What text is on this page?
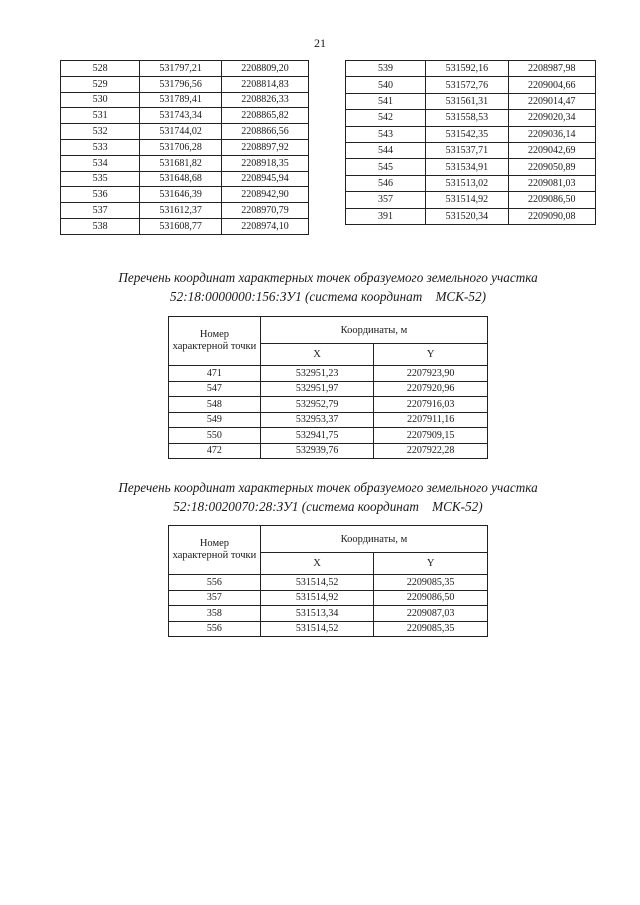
21
528	531797,21	2208809,20
529	531796,56	2208814,83
530	531789,41	2208826,33
531	531743,34	2208865,82
532	531744,02	2208866,56
533	531706,28	2208897,92
534	531681,82	2208918,35
535	531648,68	2208945,94
536	531646,39	2208942,90
537	531612,37	2208970,79
538	531608,77	2208974,10
539	531592,16	2208987,98
540	531572,76	2209004,66
541	531561,31	2209014,47
542	531558,53	2209020,34
543	531542,35	2209036,14
544	531537,71	2209042,69
545	531534,91	2209050,89
546	531513,02	2209081,03
357	531514,92	2209086,50
391	531520,34	2209090,08
Перечень координат характерных точек образуемого земельного участка
52:18:0000000:156:ЗУ1 (система координат    МСК-52)
Номер характерной точки	Координаты, м	
	X	Y
471	532951,23	2207923,90
547	532951,97	2207920,96
548	532952,79	2207916,03
549	532953,37	2207911,16
550	532941,75	2207909,15
472	532939,76	2207922,28
Перечень координат характерных точек образуемого земельного участка
52:18:0020070:28:ЗУ1 (система координат    МСК-52)
Номер характерной точки	Координаты, м	
	X	Y
556	531514,52	2209085,35
357	531514,92	2209086,50
358	531513,34	2209087,03
556	531514,52	2209085,35
